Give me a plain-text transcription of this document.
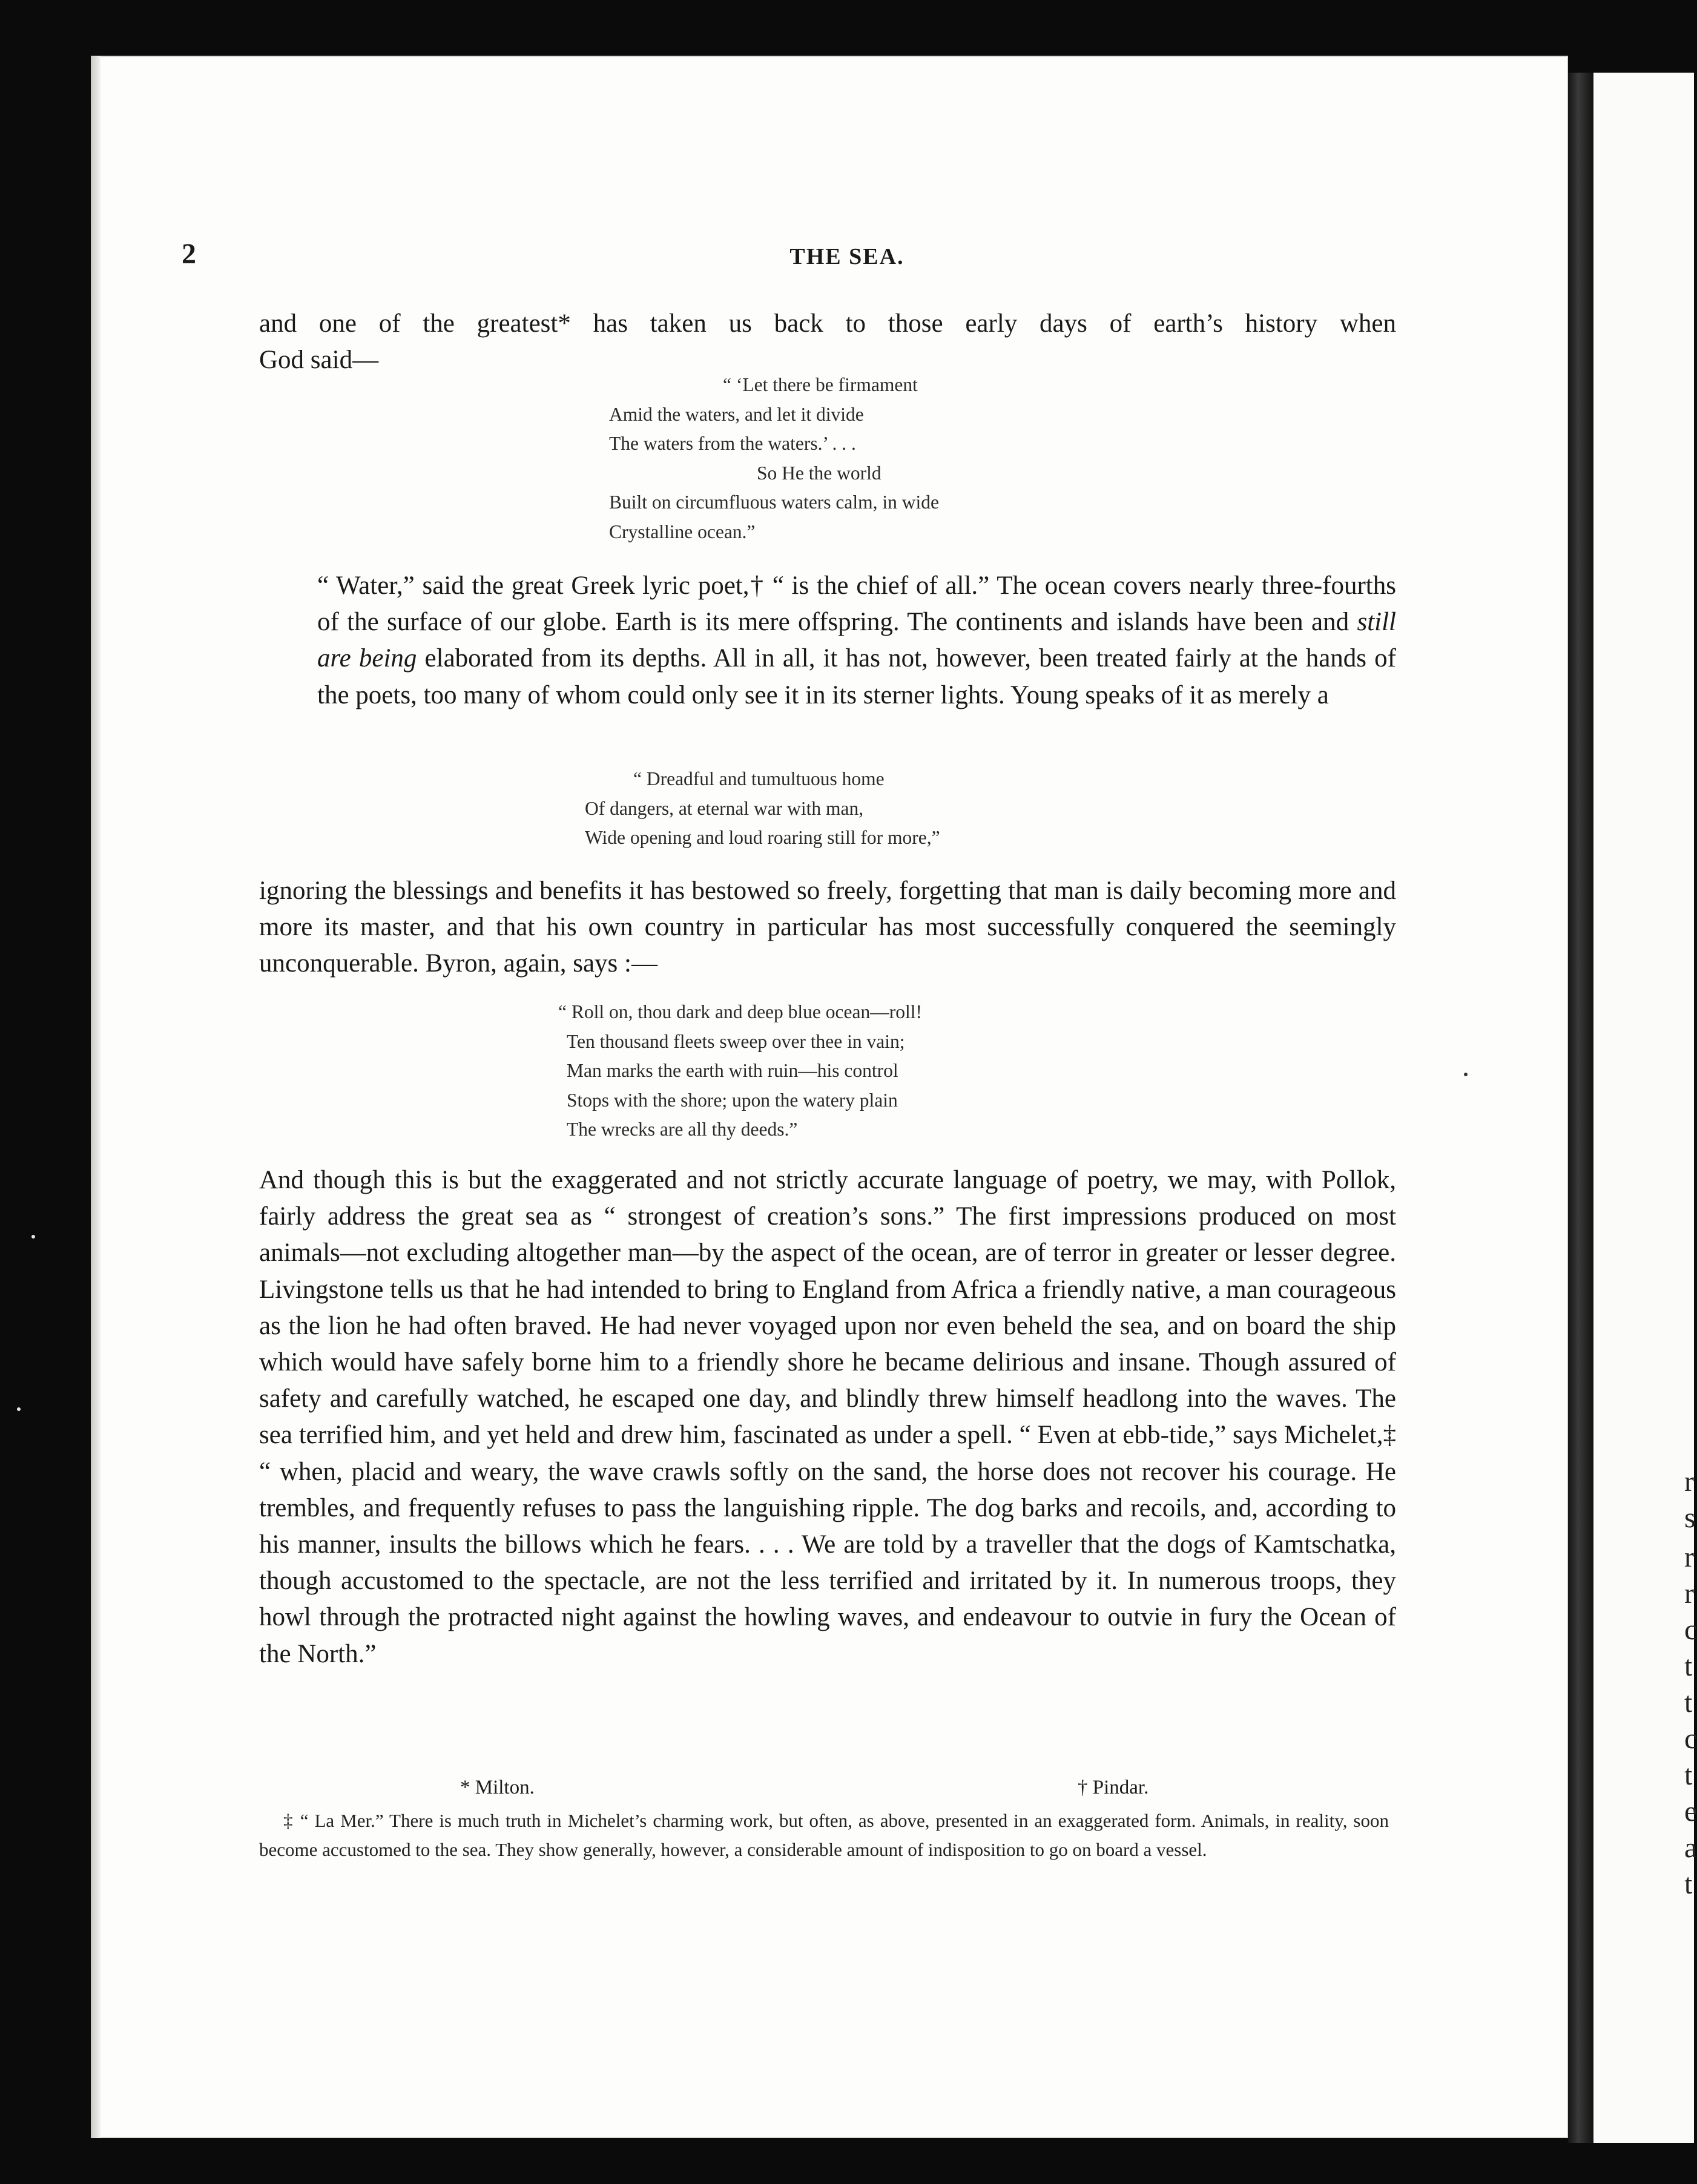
r
s
r
r
c
t
t
c
t
e
a
t
2	THE SEA.
and one of the greatest* has taken us back to those early days of earth’s history when
God said—
“ ‘Let there be firmament
Amid the waters, and let it divide
The waters from the waters.’ . . .
So He the world
Built on circumfluous waters calm, in wide
Crystalline ocean.”
“ Water,” said the great Greek lyric poet,† “ is the chief of all.” The ocean covers nearly three-fourths of the surface of our globe. Earth is its mere offspring. The continents and islands have been and still are being elaborated from its depths. All in all, it has not, however, been treated fairly at the hands of the poets, too many of whom could only see it in its sterner lights. Young speaks of it as merely a
“ Dreadful and tumultuous home
Of dangers, at eternal war with man,
Wide opening and loud roaring still for more,”
ignoring the blessings and benefits it has bestowed so freely, forgetting that man is daily becoming more and more its master, and that his own country in particular has most successfully conquered the seemingly unconquerable. Byron, again, says :—
“ Roll on, thou dark and deep blue ocean—roll!
Ten thousand fleets sweep over thee in vain;
Man marks the earth with ruin—his control
Stops with the shore; upon the watery plain
The wrecks are all thy deeds.”
And though this is but the exaggerated and not strictly accurate language of poetry, we may, with Pollok, fairly address the great sea as “ strongest of creation’s sons.” The first impressions produced on most animals—not excluding altogether man—by the aspect of the ocean, are of terror in greater or lesser degree. Livingstone tells us that he had intended to bring to England from Africa a friendly native, a man courageous as the lion he had often braved. He had never voyaged upon nor even beheld the sea, and on board the ship which would have safely borne him to a friendly shore he became delirious and insane. Though assured of safety and carefully watched, he escaped one day, and blindly threw himself headlong into the waves. The sea terrified him, and yet held and drew him, fascinated as under a spell. “ Even at ebb-tide,” says Michelet,‡ “ when, placid and weary, the wave crawls softly on the sand, the horse does not recover his courage. He trembles, and frequently refuses to pass the languishing ripple. The dog barks and recoils, and, according to his manner, insults the billows which he fears. . . . We are told by a traveller that the dogs of Kamtschatka, though accustomed to the spectacle, are not the less terrified and irritated by it. In numerous troops, they howl through the protracted night against the howling waves, and endeavour to outvie in fury the Ocean of the North.”
* Milton.	† Pindar.
‡ “ La Mer.” There is much truth in Michelet’s charming work, but often, as above, presented in an exaggerated form. Animals, in reality, soon become accustomed to the sea. They show generally, however, a considerable amount of indisposition to go on board a vessel.
